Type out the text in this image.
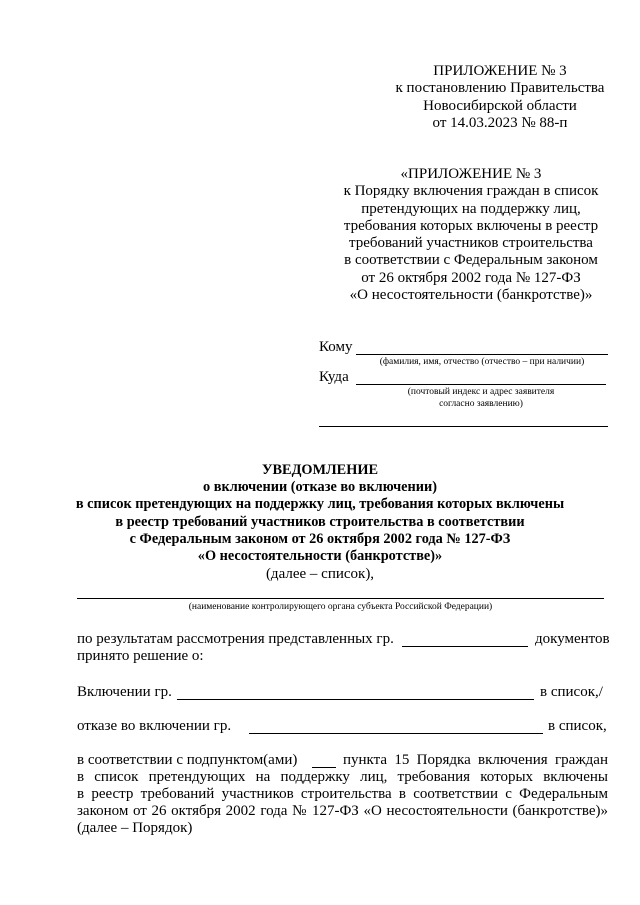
ПРИЛОЖЕНИЕ № 3
к постановлению Правительства
Новосибирской области
от 14.03.2023 № 88-п
«ПРИЛОЖЕНИЕ № 3
к Порядку включения граждан в список
претендующих на поддержку лиц,
требования которых включены в реестр
требований участников строительства
в соответствии с Федеральным законом
от 26 октября 2002 года № 127-ФЗ
«О несостоятельности (банкротстве)»
Кому
(фамилия, имя, отчество (отчество – при наличии)
Куда
(почтовый индекс и адрес заявителя
согласно заявлению)
УВЕДОМЛЕНИЕ
о включении (отказе во включении)
в список претендующих на поддержку лиц, требования которых включены
в реестр требований участников строительства в соответствии
с Федеральным законом от 26 октября 2002 года № 127-ФЗ
«О несостоятельности (банкротстве)»
(далее – список),
(наименование контролирующего органа субъекта Российской Федерации)
по результатам рассмотрения представленных гр.	документов
принято решение о:
Включении гр.	в список,/
отказе во включении гр.	в список,
в соответствии с подпунктом(ами)	пункта 15 Порядка включения граждан
в список претендующих на поддержку лиц, требования которых включены
в реестр требований участников строительства в соответствии с Федеральным
законом от 26 октября 2002 года № 127-ФЗ «О несостоятельности (банкротстве)»
(далее – Порядок)
